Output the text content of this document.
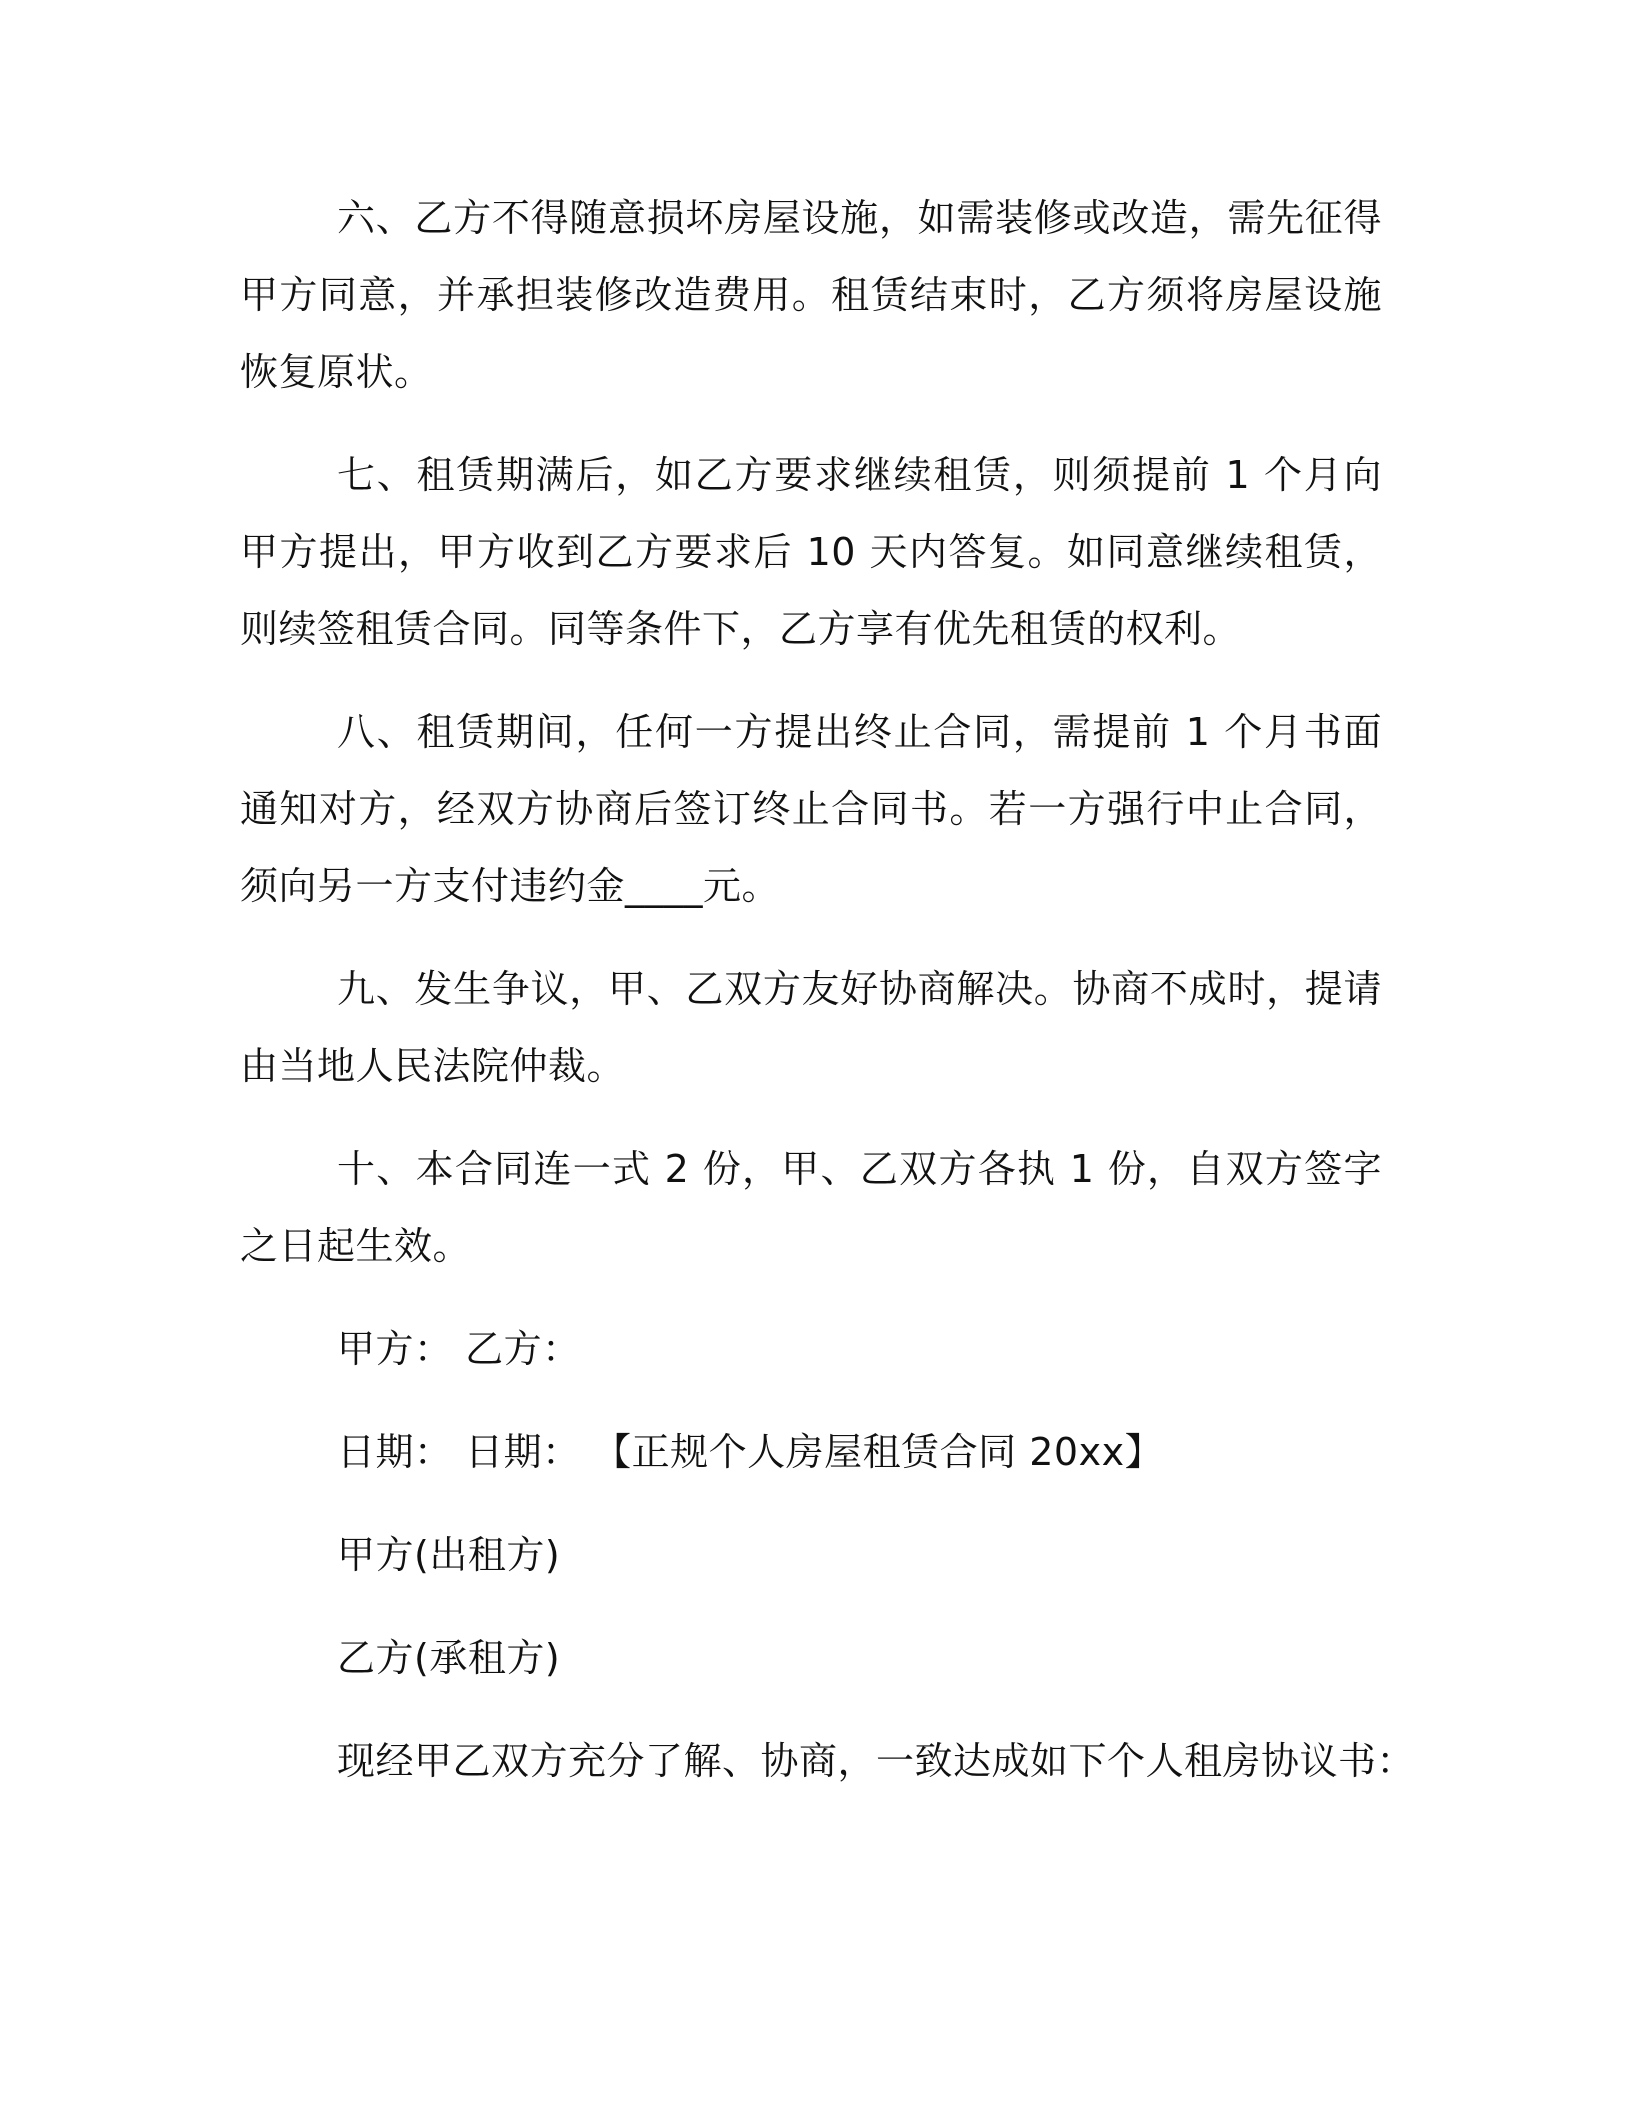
六、乙方不得随意损坏房屋设施，如需装修或改造，需先征得甲方同意，并承担装修改造费用。租赁结束时，乙方须将房屋设施恢复原状。

七、租赁期满后，如乙方要求继续租赁，则须提前 1 个月向甲方提出，甲方收到乙方要求后 10 天内答复。如同意继续租赁，则续签租赁合同。同等条件下，乙方享有优先租赁的权利。

八、租赁期间，任何一方提出终止合同，需提前 1 个月书面通知对方，经双方协商后签订终止合同书。若一方强行中止合同，须向另一方支付违约金____元。

九、发生争议，甲、乙双方友好协商解决。协商不成时，提请由当地人民法院仲裁。

十、本合同连一式 2 份，甲、乙双方各执 1 份，自双方签字之日起生效。

甲方： 乙方：

日期： 日期： 【正规个人房屋租赁合同 20xx】

甲方(出租方)

乙方(承租方)

现经甲乙双方充分了解、协商，一致达成如下个人租房协议书：
